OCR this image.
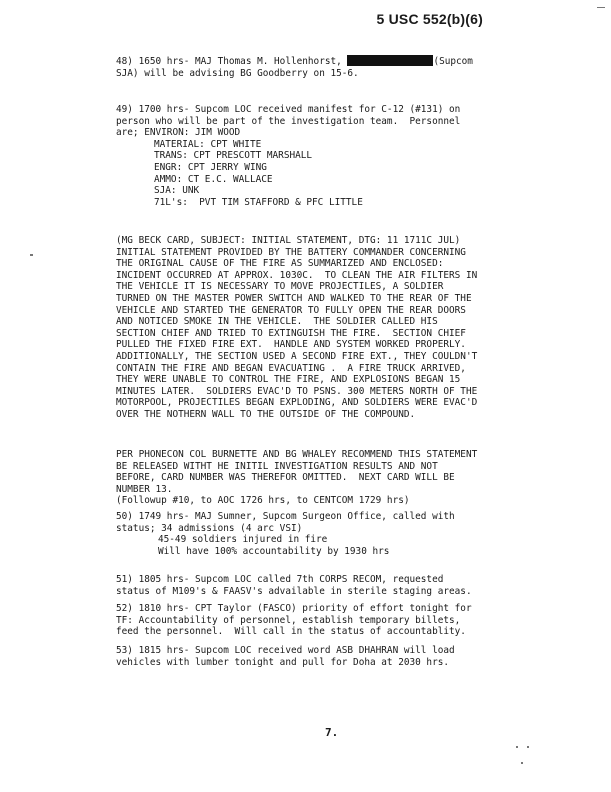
5 USC 552(b)(6)
48) 1650 hrs- MAJ Thomas M. Hollenhorst,	(Supcom
SJA) will be advising BG Goodberry on 15-6.
49) 1700 hrs- Supcom LOC received manifest for C-12 (#131) on
person who will be part of the investigation team.  Personnel
are; ENVIRON: JIM WOOD

MATERIAL: CPT WHITE
TRANS: CPT PRESCOTT MARSHALL
ENGR: CPT JERRY WING
AMMO: CT E.C. WALLACE
SJA: UNK
71L's:  PVT TIM STAFFORD & PFC LITTLE
(MG BECK CARD, SUBJECT: INITIAL STATEMENT, DTG: 11 1711C JUL)
INITIAL STATEMENT PROVIDED BY THE BATTERY COMMANDER CONCERNING
THE ORIGINAL CAUSE OF THE FIRE AS SUMMARIZED AND ENCLOSED:
INCIDENT OCCURRED AT APPROX. 1030C.  TO CLEAN THE AIR FILTERS IN
THE VEHICLE IT IS NECESSARY TO MOVE PROJECTILES, A SOLDIER
TURNED ON THE MASTER POWER SWITCH AND WALKED TO THE REAR OF THE
VEHICLE AND STARTED THE GENERATOR TO FULLY OPEN THE REAR DOORS
AND NOTICED SMOKE IN THE VEHICLE.  THE SOLDIER CALLED HIS
SECTION CHIEF AND TRIED TO EXTINGUISH THE FIRE.  SECTION CHIEF
PULLED THE FIXED FIRE EXT.  HANDLE AND SYSTEM WORKED PROPERLY.
ADDITIONALLY, THE SECTION USED A SECOND FIRE EXT., THEY COULDN'T
CONTAIN THE FIRE AND BEGAN EVACUATING .  A FIRE TRUCK ARRIVED,
THEY WERE UNABLE TO CONTROL THE FIRE, AND EXPLOSIONS BEGAN 15
MINUTES LATER.  SOLDIERS EVAC'D TO PSNS. 300 METERS NORTH OF THE
MOTORPOOL, PROJECTILES BEGAN EXPLODING, AND SOLDIERS WERE EVAC'D
OVER THE NOTHERN WALL TO THE OUTSIDE OF THE COMPOUND.
PER PHONECON COL BURNETTE AND BG WHALEY RECOMMEND THIS STATEMENT
BE RELEASED WITHT HE INITIL INVESTIGATION RESULTS AND NOT
BEFORE, CARD NUMBER WAS THEREFOR OMITTED.  NEXT CARD WILL BE
NUMBER 13.
(Followup #10, to AOC 1726 hrs, to CENTCOM 1729 hrs)
50) 1749 hrs- MAJ Sumner, Supcom Surgeon Office, called with
status; 34 admissions (4 arc VSI)

45-49 soldiers injured in fire
Will have 100% accountability by 1930 hrs
51) 1805 hrs- Supcom LOC called 7th CORPS RECOM, requested
status of M109's & FAASV's advailable in sterile staging areas.
52) 1810 hrs- CPT Taylor (FASCO) priority of effort tonight for
TF: Accountability of personnel, establish temporary billets,
feed the personnel.  Will call in the status of accountablity.
53) 1815 hrs- Supcom LOC received word ASB DHAHRAN will load
vehicles with lumber tonight and pull for Doha at 2030 hrs.
7.
